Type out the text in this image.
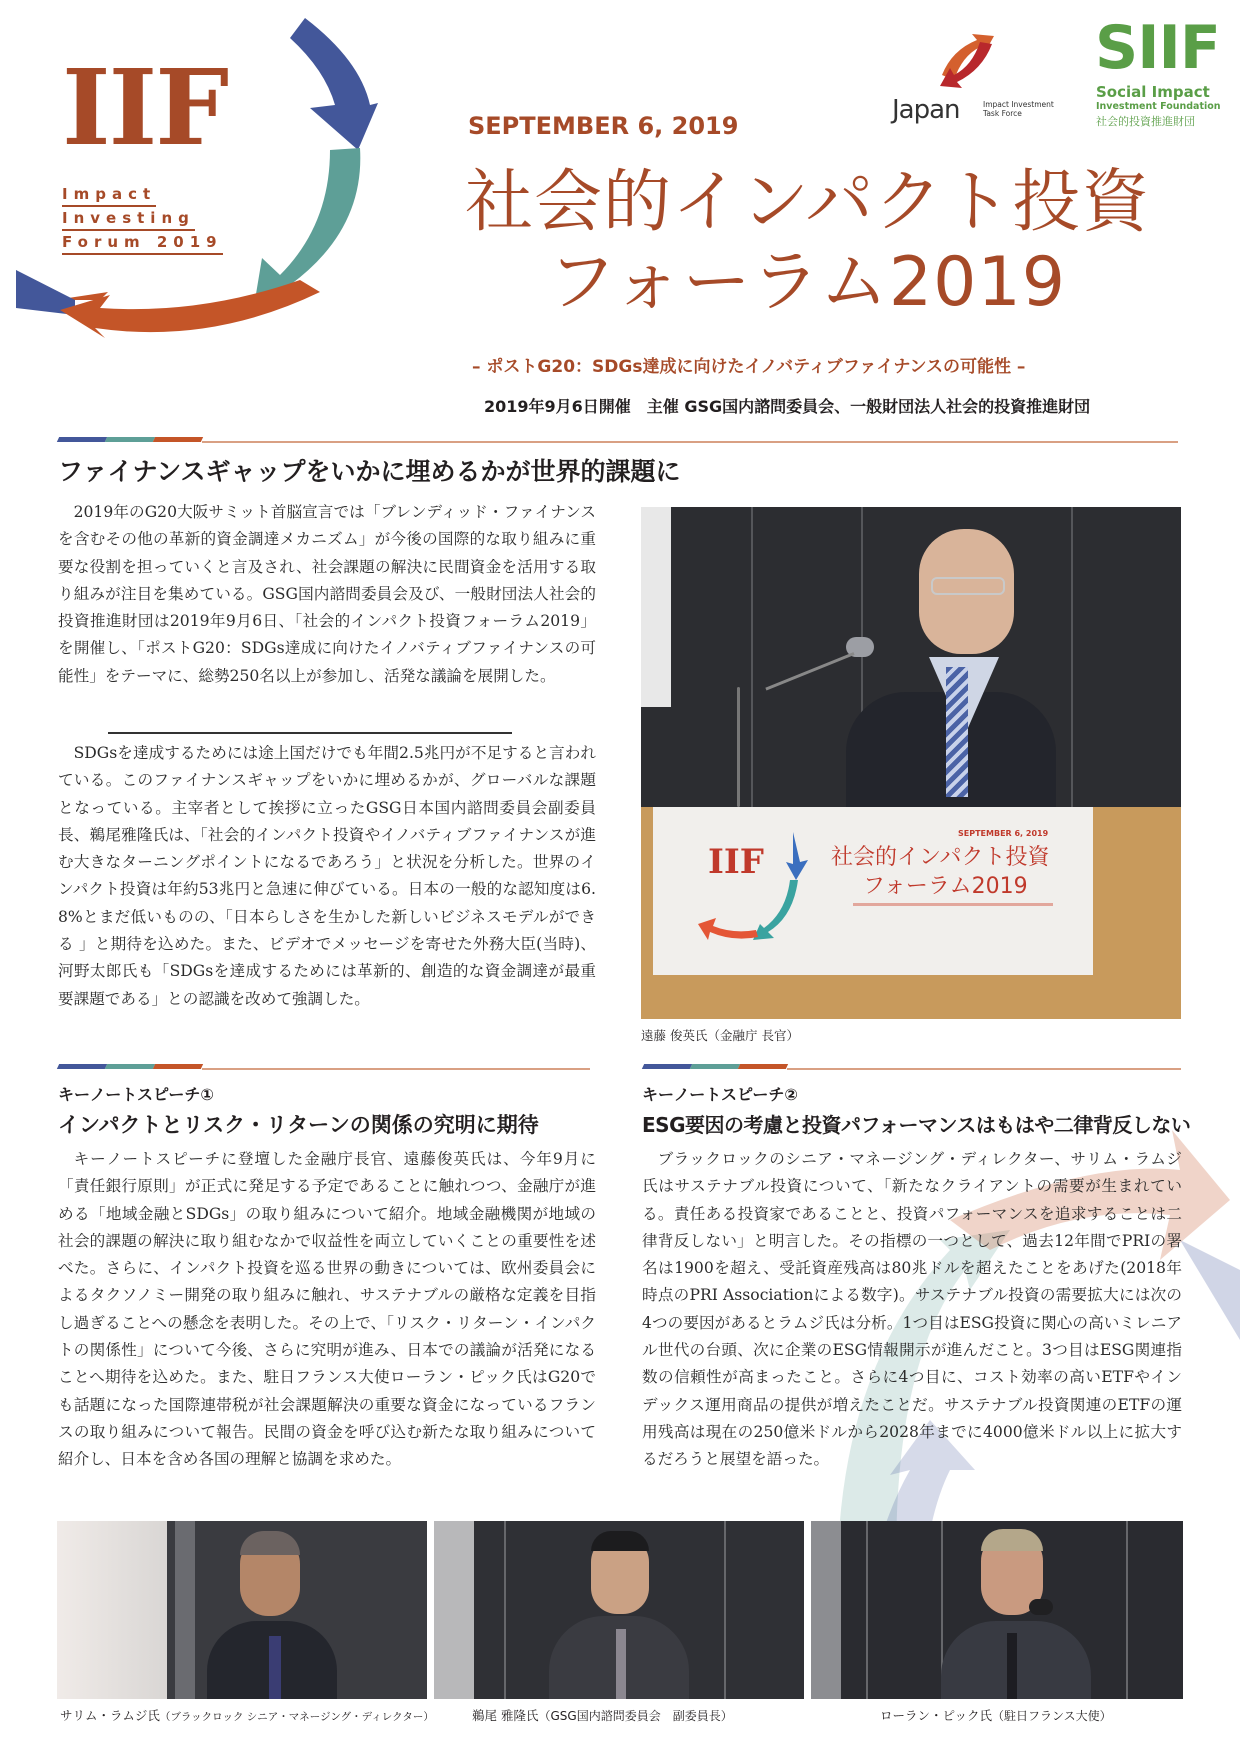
IIF
Impact
Investing
Forum 2019
Japan	Impact Investment
Task Force
SIIF
Social Impact
Investment Foundation
社会的投資推進財団
SEPTEMBER 6, 2019
社会的インパクト投資
フォーラム2019
– ポストG20：SDGs達成に向けたイノバティブファイナンスの可能性 –
2019年9月6日開催　主催 GSG国内諮問委員会、一般財団法人社会的投資推進財団
ファイナンスギャップをいかに埋めるかが世界的課題に

2019年のG20大阪サミット首脳宣言では「ブレンディッド・ファイナンスを含むその他の革新的資金調達メカニズム」が今後の国際的な取り組みに重要な役割を担っていくと言及され、社会課題の解決に民間資金を活用する取り組みが注目を集めている。GSG国内諮問委員会及び、一般財団法人社会的投資推進財団は2019年9月6日、「社会的インパクト投資フォーラム2019」を開催し、「ポストG20：SDGs達成に向けたイノバティブファイナンスの可能性」をテーマに、総勢250名以上が参加し、活発な議論を展開した。

SDGsを達成するためには途上国だけでも年間2.5兆円が不足すると言われている。このファイナンスギャップをいかに埋めるかが、グローバルな課題となっている。主宰者として挨拶に立ったGSG日本国内諮問委員会副委員長、鵜尾雅隆氏は、「社会的インパクト投資やイノバティブファイナンスが進む大きなターニングポイントになるであろう」と状況を分析した。世界のインパクト投資は年約53兆円と急速に伸びている。日本の一般的な認知度は6.8%とまだ低いものの、「日本らしさを生かした新しいビジネスモデルができる 」と期待を込めた。また、ビデオでメッセージを寄せた外務大臣(当時)、河野太郎氏も「SDGsを達成するためには革新的、創造的な資金調達が最重要課題である」との認識を改めて強調した。

IIF
SEPTEMBER 6, 2019
社会的インパクト投資
フォーラム2019
遠藤 俊英氏（金融庁 長官）
キーノートスピーチ①
インパクトとリスク・リターンの関係の究明に期待

キーノートスピーチに登壇した金融庁長官、遠藤俊英氏は、今年9月に「責任銀行原則」が正式に発足する予定であることに触れつつ、金融庁が進める「地域金融とSDGs」の取り組みについて紹介。地域金融機関が地域の社会的課題の解決に取り組むなかで収益性を両立していくことの重要性を述べた。さらに、インパクト投資を巡る世界の動きについては、欧州委員会によるタクソノミー開発の取り組みに触れ、サステナブルの厳格な定義を目指し過ぎることへの懸念を表明した。その上で、「リスク・リターン・インパクトの関係性」について今後、さらに究明が進み、日本での議論が活発になることへ期待を込めた。また、駐日フランス大使ローラン・ピック氏はG20でも話題になった国際連帯税が社会課題解決の重要な資金になっているフランスの取り組みについて報告。民間の資金を呼び込む新たな取り組みについて紹介し、日本を含め各国の理解と協調を求めた。

キーノートスピーチ②
ESG要因の考慮と投資パフォーマンスはもはや二律背反しない

ブラックロックのシニア・マネージング・ディレクター、サリム・ラムジ氏はサステナブル投資について、「新たなクライアントの需要が生まれている。責任ある投資家であることと、投資パフォーマンスを追求することは二律背反しない」と明言した。その指標の一つとして、過去12年間でPRIの署名は1900を超え、受託資産残高は80兆ドルを超えたことをあげた(2018年時点のPRI Associationによる数字)。サステナブル投資の需要拡大には次の4つの要因があるとラムジ氏は分析。1つ目はESG投資に関心の高いミレニアル世代の台頭、次に企業のESG情報開示が進んだこと。3つ目はESG関連指数の信頼性が高まったこと。さらに4つ目に、コスト効率の高いETFやインデックス運用商品の提供が増えたことだ。サステナブル投資関連のETFの運用残高は現在の250億米ドルから2028年までに4000億米ドル以上に拡大するだろうと展望を語った。

サリム・ラムジ氏（ブラックロック シニア・マネージング・ディレクター）	鵜尾 雅隆氏（GSG国内諮問委員会　副委員長）	ローラン・ピック氏（駐日フランス大使）
